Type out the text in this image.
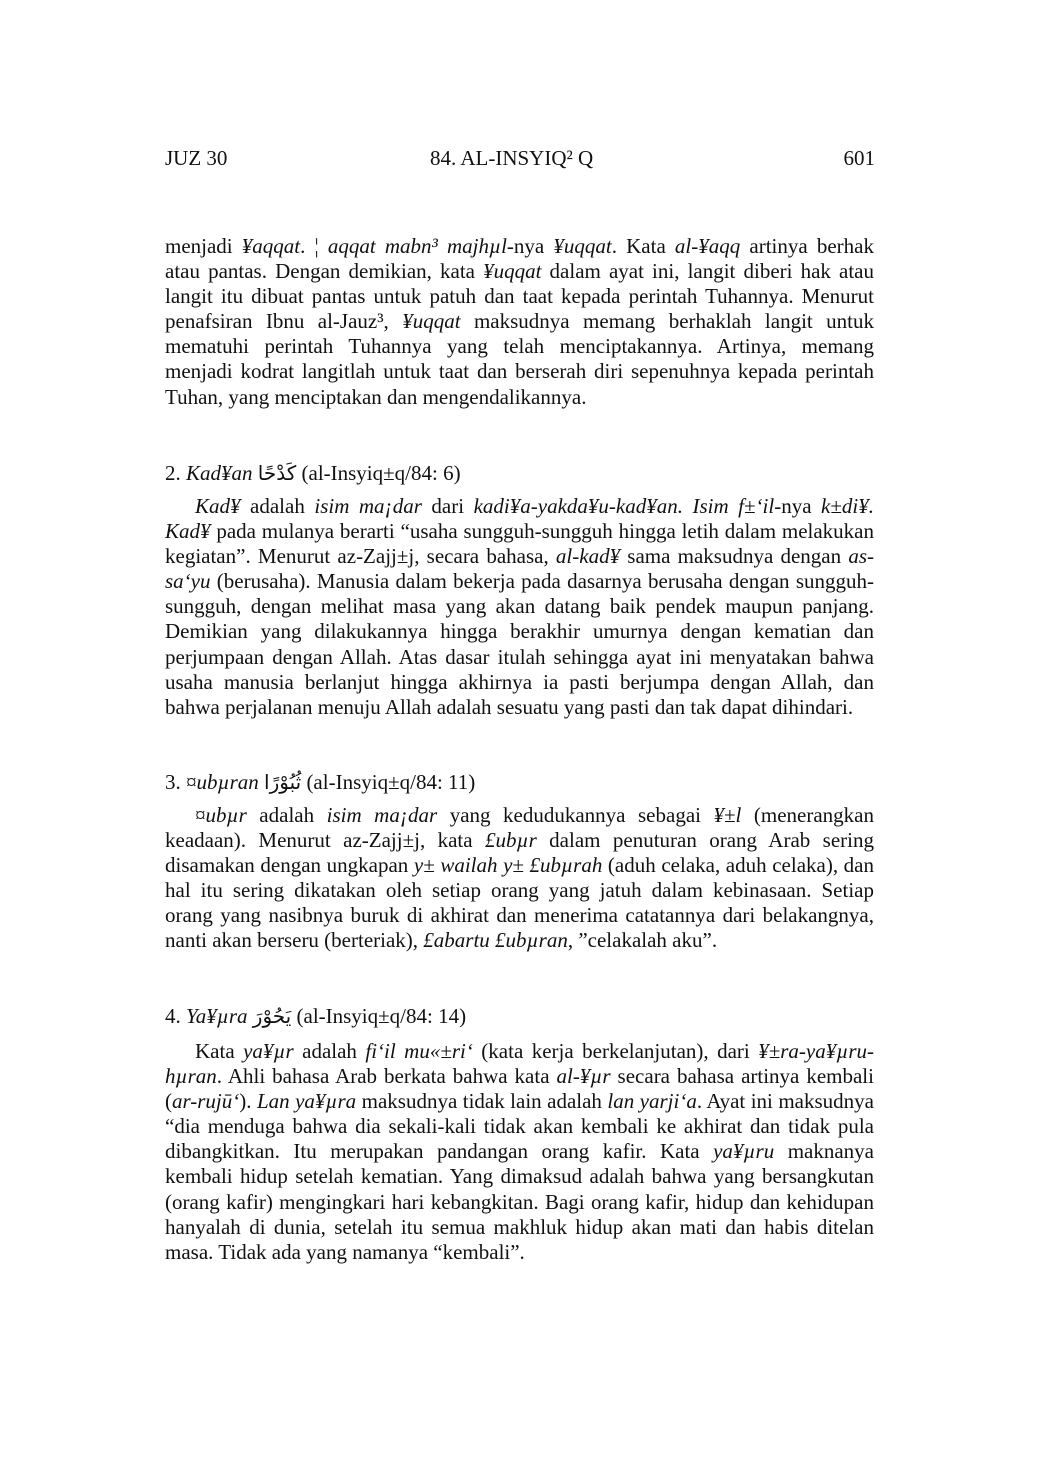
JUZ 30	84. AL-INSYIQ² Q	601

menjadi ¥aqqat. ¦ aqqat mabn³ majhµl-nya ¥uqqat. Kata al-¥aqq artinya berhak atau pantas. Dengan demikian, kata ¥uqqat dalam ayat ini, langit diberi hak atau langit itu dibuat pantas untuk patuh dan taat kepada perintah Tuhannya. Menurut penafsiran Ibnu al-Jauz³, ¥uqqat maksudnya memang berhaklah langit untuk mematuhi perintah Tuhannya yang telah menciptakannya. Artinya, memang menjadi kodrat langitlah untuk taat dan berserah diri sepenuhnya kepada perintah Tuhan, yang menciptakan dan mengendalikannya.

2. Kad¥an كَدْحًا (al-Insyiq±q/84: 6)

Kad¥ adalah isim ma¡dar dari kadi¥a-yakda¥u-kad¥an. Isim f±‘il-nya k±di¥. Kad¥ pada mulanya berarti “usaha sungguh-sungguh hingga letih dalam melakukan kegiatan”. Menurut az-Zajj±j, secara bahasa, al-kad¥ sama maksudnya dengan as-sa‘yu (berusaha). Manusia dalam bekerja pada dasarnya berusaha dengan sungguh-sungguh, dengan melihat masa yang akan datang baik pendek maupun panjang. Demikian yang dilakukannya hingga berakhir umurnya dengan kematian dan perjumpaan dengan Allah. Atas dasar itulah sehingga ayat ini menyatakan bahwa usaha manusia berlanjut hingga akhirnya ia pasti berjumpa dengan Allah, dan bahwa perjalanan menuju Allah adalah sesuatu yang pasti dan tak dapat dihindari.

3. ¤ubµran ثُبُوْرًا (al-Insyiq±q/84: 11)

¤ubµr adalah isim ma¡dar yang kedudukannya sebagai ¥±l (menerangkan keadaan). Menurut az-Zajj±j, kata £ubµr dalam penuturan orang Arab sering disamakan dengan ungkapan y± wailah y± £ubµrah (aduh celaka, aduh celaka), dan hal itu sering dikatakan oleh setiap orang yang jatuh dalam kebinasaan. Setiap orang yang nasibnya buruk di akhirat dan menerima catatannya dari belakangnya, nanti akan berseru (berteriak), £abartu £ubµran, ”celakalah aku”.

4. Ya¥µra يَحُوْرَ (al-Insyiq±q/84: 14)

Kata ya¥µr adalah fi‘il mu«±ri‘ (kata kerja berkelanjutan), dari ¥±ra-ya¥µru-hµran. Ahli bahasa Arab berkata bahwa kata al-¥µr secara bahasa artinya kembali (ar-rujū‘). Lan ya¥µra maksudnya tidak lain adalah lan yarji‘a. Ayat ini maksudnya “dia menduga bahwa dia sekali-kali tidak akan kembali ke akhirat dan tidak pula dibangkitkan. Itu merupakan pandangan orang kafir. Kata ya¥µru maknanya kembali hidup setelah kematian. Yang dimaksud adalah bahwa yang bersangkutan (orang kafir) mengingkari hari kebangkitan. Bagi orang kafir, hidup dan kehidupan hanyalah di dunia, setelah itu semua makhluk hidup akan mati dan habis ditelan masa. Tidak ada yang namanya “kembali”.
